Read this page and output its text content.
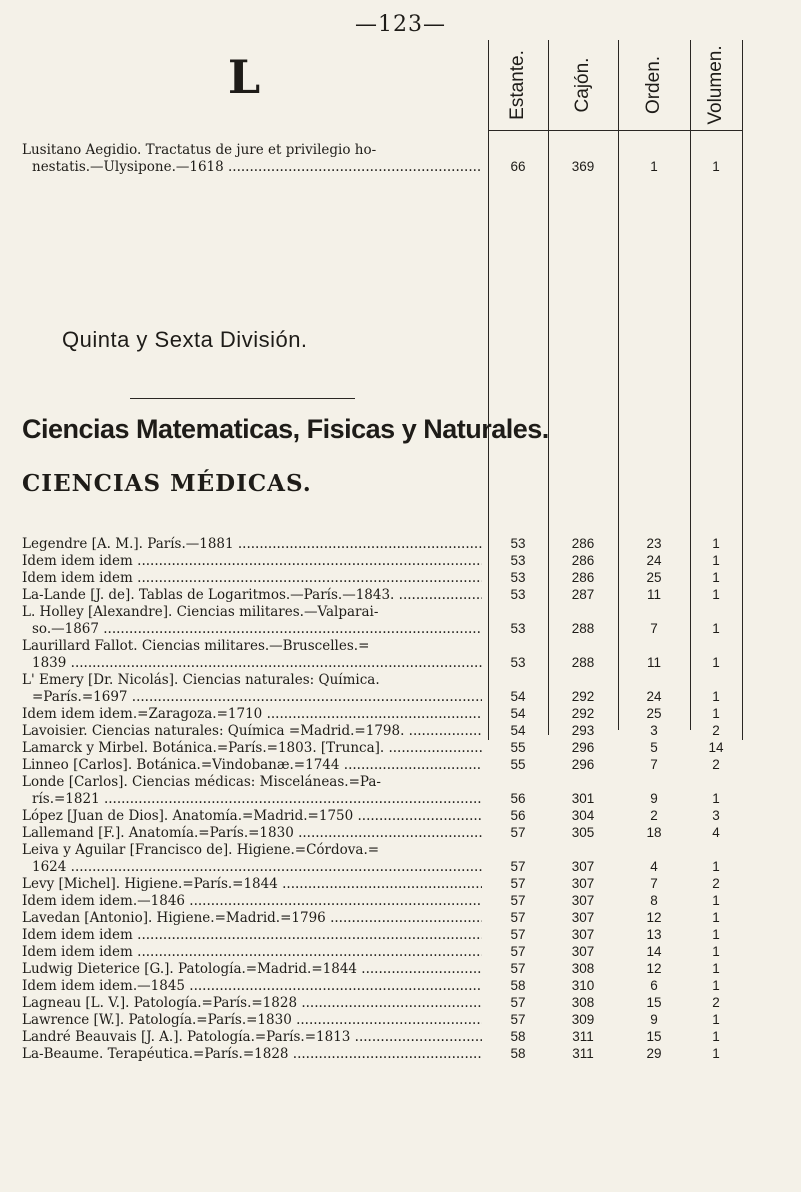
—123—
Estante. Cajón.	Orden. Volumen.
L
Lusitano Aegidio. Tractatus de jure et privilegio ho-
nestatis.—Ulysipone.—1618 .....	66	369	1	1
Quinta y Sexta División.
Ciencias Matematicas, Fisicas y Naturales.
CIENCIAS MÉDICAS.
Legendre [A. M.]. París.—1881 .....	53	286	23	1
Idem idem idem .....	53	286	24	1
Idem idem idem .....	53	286	25	1
La-Lande [J. de]. Tablas de Logaritmos.—París.—1843. .....	53	287	11	1
L. Holley [Alexandre]. Ciencias militares.—Valparai-
so.—1867 .....	53	288	7	1
Laurillard Fallot. Ciencias militares.—Bruscelles.=
1839 .....	53	288	11	1
L' Emery [Dr. Nicolás]. Ciencias naturales: Química.
=París.=1697 .....	54	292	24	1
Idem idem idem.=Zaragoza.=1710 .....	54	292	25	1
Lavoisier. Ciencias naturales: Química =Madrid.=1798. .....	54	293	3	2
Lamarck y Mirbel. Botánica.=París.=1803. [Trunca]. .....	55	296	5	14
Linneo [Carlos]. Botánica.=Vindobanæ.=1744 .....	55	296	7	2
Londe [Carlos]. Ciencias médicas: Misceláneas.=Pa-
rís.=1821 .....	56	301	9	1
López [Juan de Dios]. Anatomía.=Madrid.=1750 .....	56	304	2	3
Lallemand [F.]. Anatomía.=París.=1830 .....	57	305	18	4
Leiva y Aguilar [Francisco de]. Higiene.=Córdova.=
1624 .....	57	307	4	1
Levy [Michel]. Higiene.=París.=1844 .....	57	307	7	2
Idem idem idem.—1846 .....	57	307	8	1
Lavedan [Antonio]. Higiene.=Madrid.=1796 .....	57	307	12	1
Idem idem idem .....	57	307	13	1
Idem idem idem .....	57	307	14	1
Ludwig Dieterice [G.]. Patología.=Madrid.=1844 .....	57	308	12	1
Idem idem idem.—1845 .....	58	310	6	1
Lagneau [L. V.]. Patología.=París.=1828 .....	57	308	15	2
Lawrence [W.]. Patología.=París.=1830 .....	57	309	9	1
Landré Beauvais [J. A.]. Patología.=París.=1813 .....	58	311	15	1
La-Beaume. Terapéutica.=París.=1828 .....	58	311	29	1
